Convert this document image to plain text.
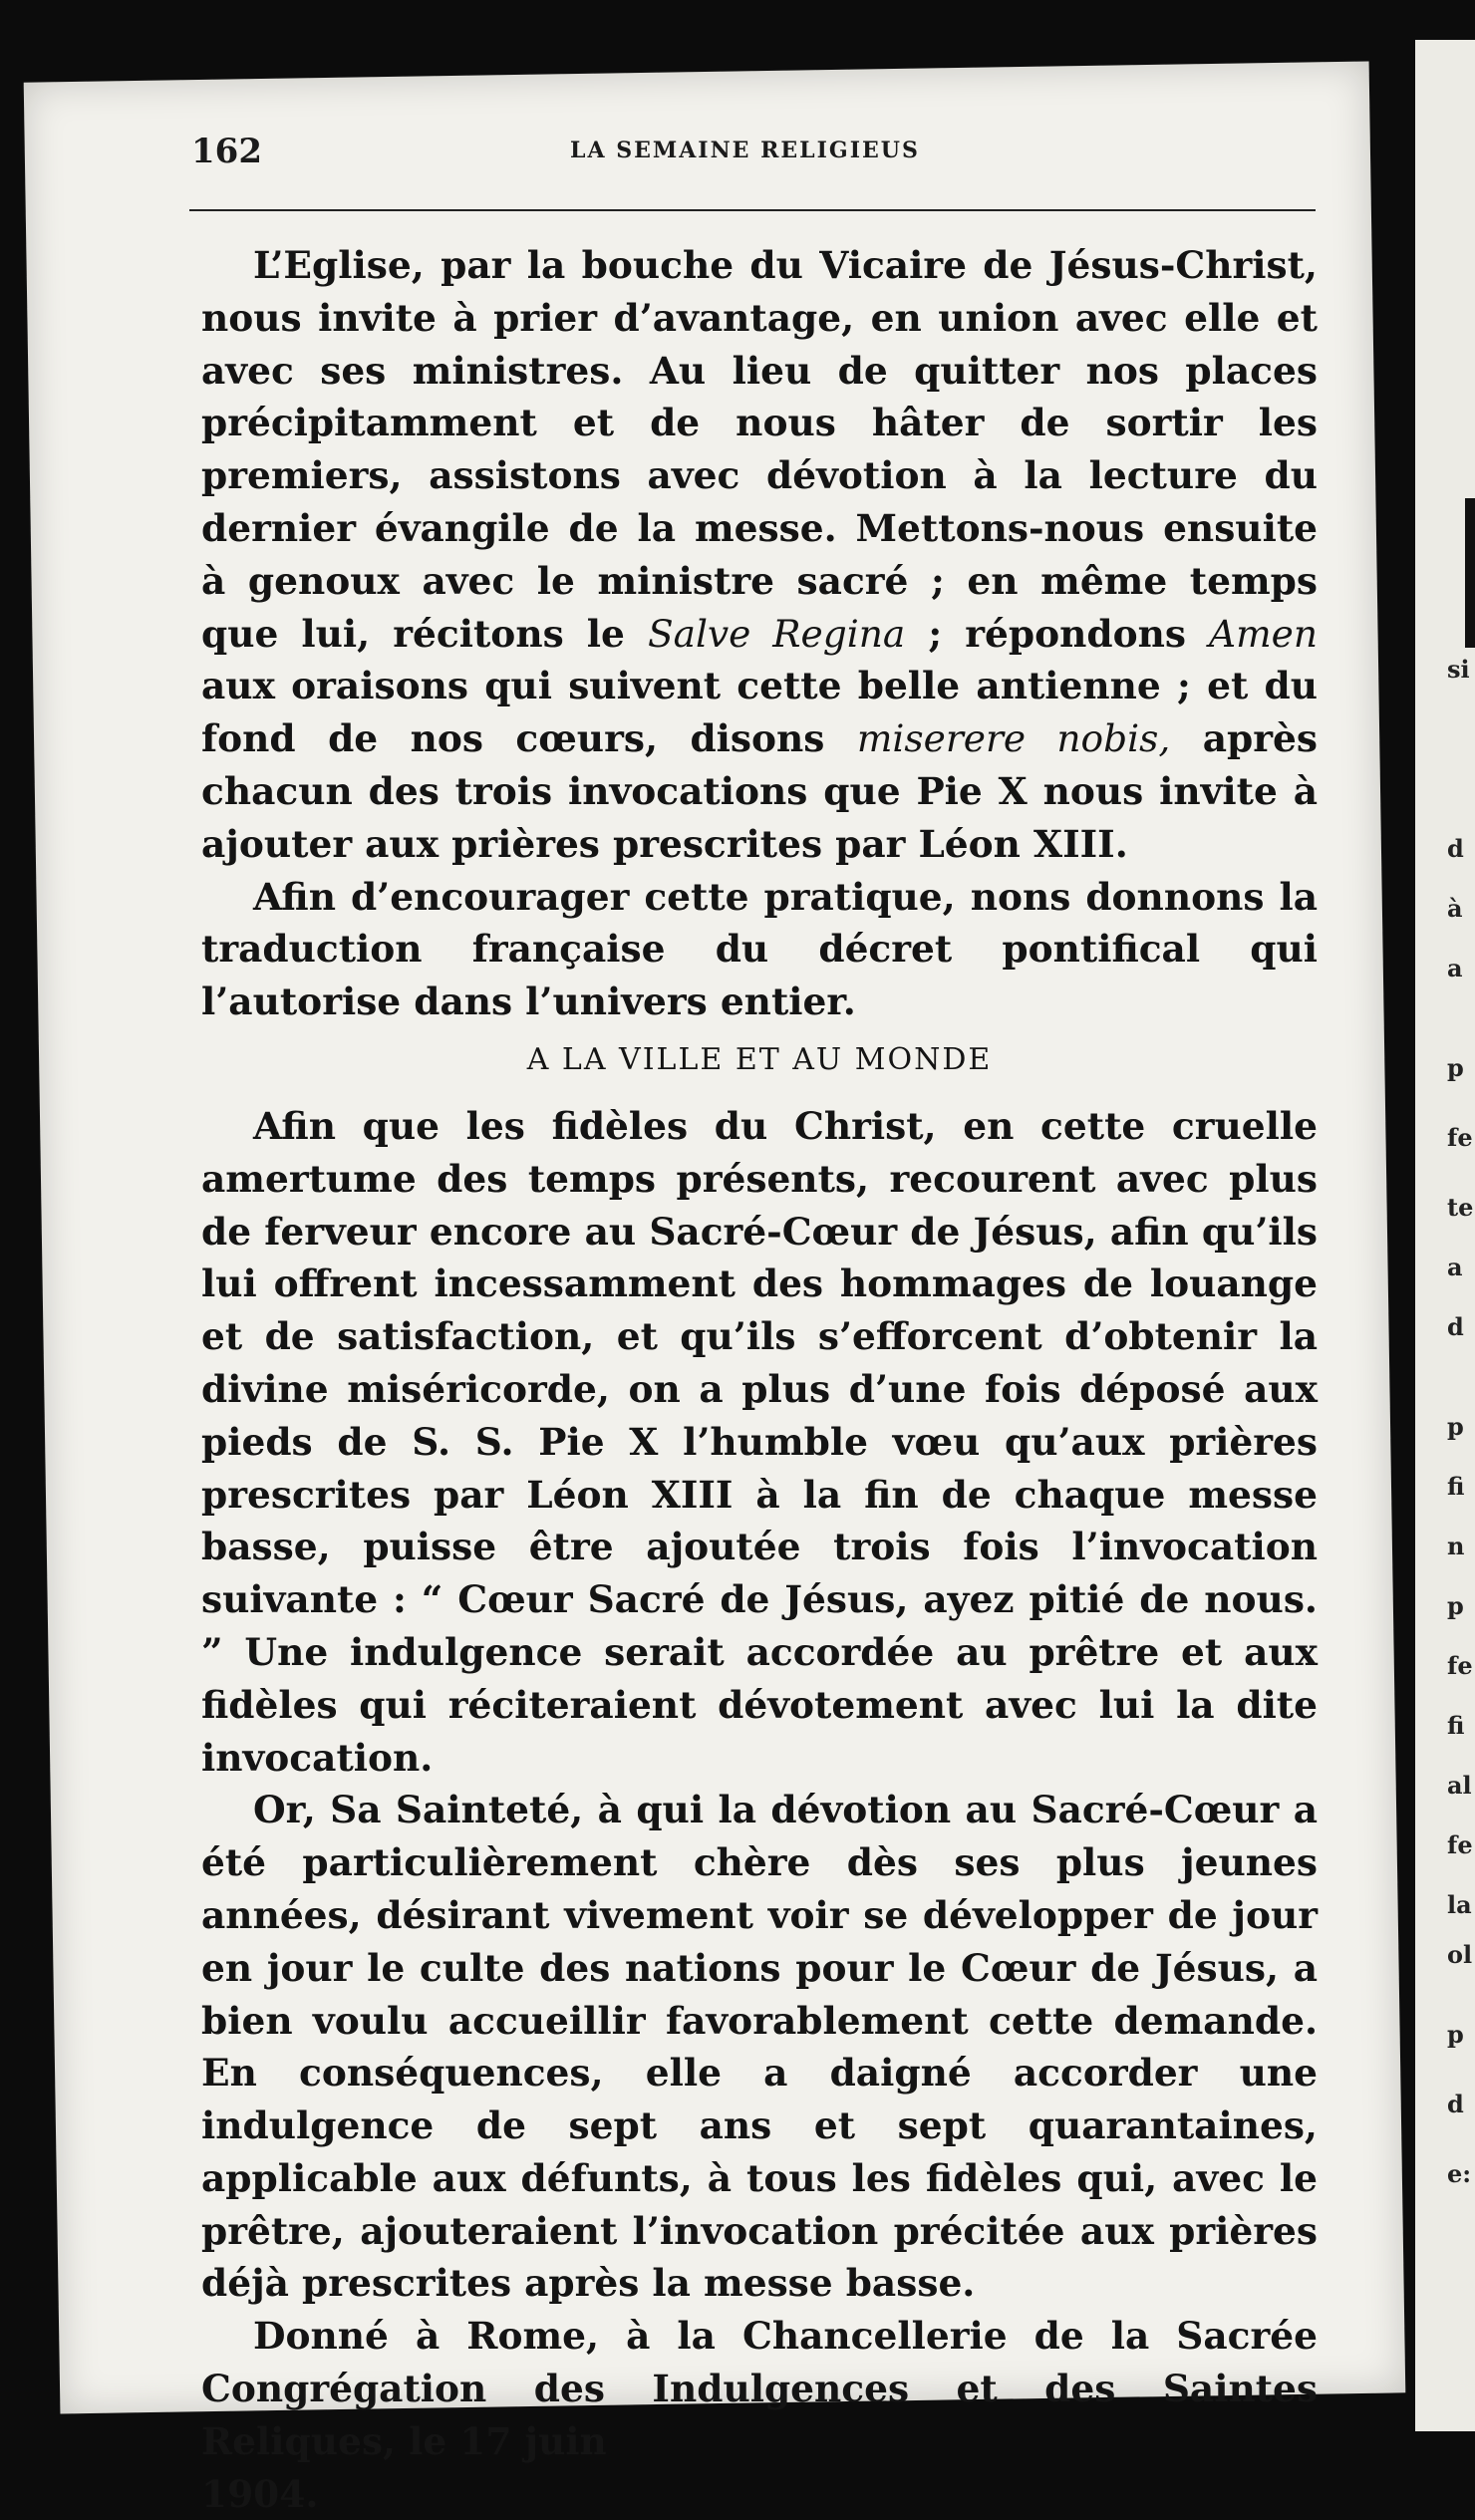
si
d
à
a
p
fe
te
a
d
p
fi
n
p
fe
fi
al
fe
la
ol
p
d
e:
162	LA SEMAINE RELIGIEUS

L’Eglise, par la bouche du Vicaire de Jésus-Christ, nous invite à prier d’avantage, en union avec elle et avec ses ministres. Au lieu de quitter nos places précipitamment et de nous hâter de sortir les premiers, assistons avec dévotion à la lecture du dernier évangile de la messe. Mettons-nous ensuite à genoux avec le ministre sacré ; en même temps que lui, récitons le Salve Regina ; répondons Amen aux oraisons qui suivent cette belle antienne ; et du fond de nos cœurs, disons miserere nobis, après chacun des trois invocations que Pie X nous invite à ajouter aux prières prescrites par Léon XIII.

Afin d’encourager cette pratique, nons donnons la traduction française du décret pontifical qui l’autorise dans l’univers entier.

A LA VILLE ET AU MONDE

Afin que les fidèles du Christ, en cette cruelle amertume des temps présents, recourent avec plus de ferveur encore au Sacré-Cœur de Jésus, afin qu’ils lui offrent incessamment des hommages de louange et de satisfaction, et qu’ils s’efforcent d’obtenir la divine miséricorde, on a plus d’une fois déposé aux pieds de S. S. Pie X l’humble vœu qu’aux prières prescrites par Léon XIII à la fin de chaque messe basse, puisse être ajoutée trois fois l’invocation suivante : “ Cœur Sacré de Jésus, ayez pitié de nous. ” Une indulgence serait accordée au prêtre et aux fidèles qui réciteraient dévotement avec lui la dite invocation.

Or, Sa Sainteté, à qui la dévotion au Sacré-Cœur a été particulièrement chère dès ses plus jeunes années, désirant vivement voir se développer de jour en jour le culte des nations pour le Cœur de Jésus, a bien voulu accueillir favorablement cette demande. En conséquences, elle a daigné accorder une indulgence de sept ans et sept quarantaines, applicable aux défunts, à tous les fidèles qui, avec le prêtre, ajouteraient l’invocation précitée aux prières déjà prescrites après la messe basse.

Donné à Rome, à la Chancellerie de la Sacrée Congrégation des Indulgences et des Saintes Reliques, le 17 juin

1904.
